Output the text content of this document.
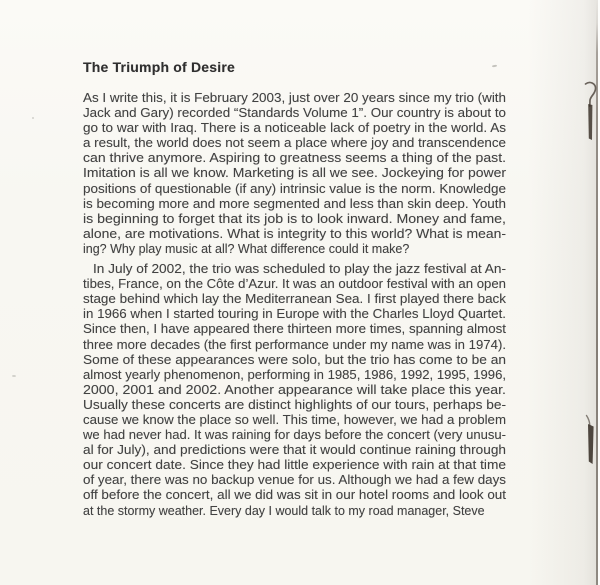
The Triumph of Desire
As I write this, it is February 2003, just over 20 years since my trio (with
Jack and Gary) recorded “Standards Volume 1”. Our country is about to
go to war with Iraq. There is a noticeable lack of poetry in the world. As
a result, the world does not seem a place where joy and transcendence
can thrive anymore. Aspiring to greatness seems a thing of the past.
Imitation is all we know. Marketing is all we see. Jockeying for power
positions of questionable (if any) intrinsic value is the norm. Knowledge
is becoming more and more segmented and less than skin deep. Youth
is beginning to forget that its job is to look inward. Money and fame,
alone, are motivations. What is integrity to this world? What is mean-
ing? Why play music at all? What difference could it make?
In July of 2002, the trio was scheduled to play the jazz festival at An-
tibes, France, on the Côte d’Azur. It was an outdoor festival with an open
stage behind which lay the Mediterranean Sea. I first played there back
in 1966 when I started touring in Europe with the Charles Lloyd Quartet.
Since then, I have appeared there thirteen more times, spanning almost
three more decades (the first performance under my name was in 1974).
Some of these appearances were solo, but the trio has come to be an
almost yearly phenomenon, performing in 1985, 1986, 1992, 1995, 1996,
2000, 2001 and 2002. Another appearance will take place this year.
Usually these concerts are distinct highlights of our tours, perhaps be-
cause we know the place so well. This time, however, we had a problem
we had never had. It was raining for days before the concert (very unusu-
al for July), and predictions were that it would continue raining through
our concert date. Since they had little experience with rain at that time
of year, there was no backup venue for us. Although we had a few days
off before the concert, all we did was sit in our hotel rooms and look out
at the stormy weather. Every day I would talk to my road manager, Steve
